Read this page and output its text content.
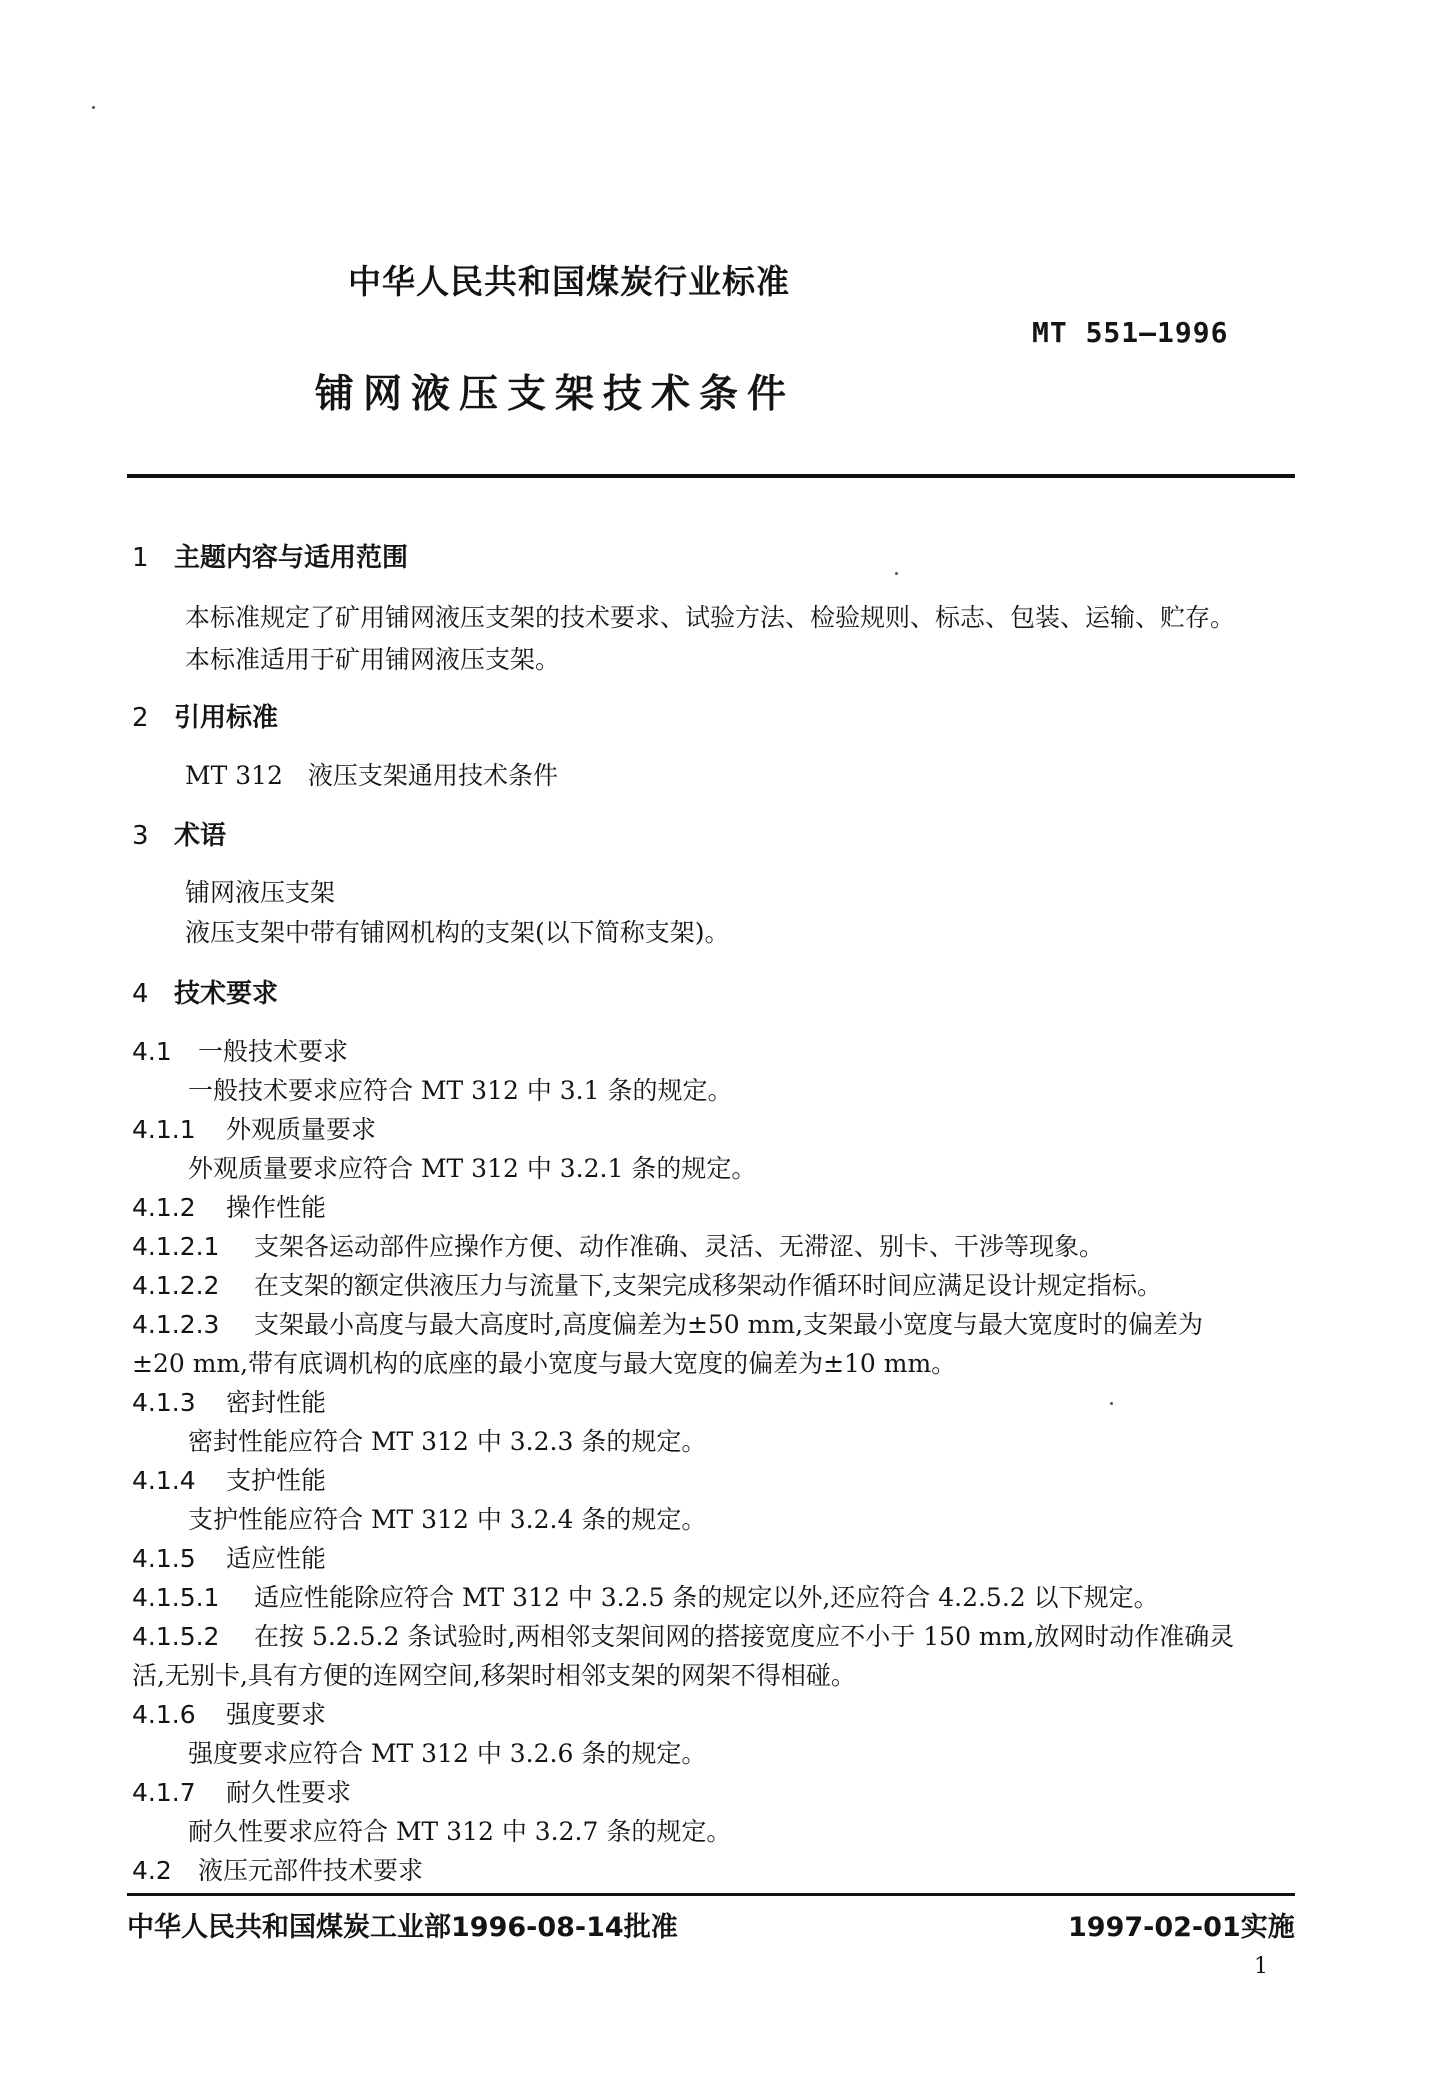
中华人民共和国煤炭行业标准
MT 551—1996
铺网液压支架技术条件
1 主题内容与适用范围
本标准规定了矿用铺网液压支架的技术要求、试验方法、检验规则、标志、包装、运输、贮存。
本标准适用于矿用铺网液压支架。
2 引用标准
MT 312　液压支架通用技术条件
3 术语
铺网液压支架
液压支架中带有铺网机构的支架(以下简称支架)。
4 技术要求
4.1 一般技术要求
一般技术要求应符合 MT 312 中 3.1 条的规定。
4.1.1 外观质量要求
外观质量要求应符合 MT 312 中 3.2.1 条的规定。
4.1.2 操作性能
4.1.2.1 支架各运动部件应操作方便、动作准确、灵活、无滞涩、别卡、干涉等现象。
4.1.2.2 在支架的额定供液压力与流量下,支架完成移架动作循环时间应满足设计规定指标。
4.1.2.3 支架最小高度与最大高度时,高度偏差为±50 mm,支架最小宽度与最大宽度时的偏差为
±20 mm,带有底调机构的底座的最小宽度与最大宽度的偏差为±10 mm。
4.1.3 密封性能
密封性能应符合 MT 312 中 3.2.3 条的规定。
4.1.4 支护性能
支护性能应符合 MT 312 中 3.2.4 条的规定。
4.1.5 适应性能
4.1.5.1 适应性能除应符合 MT 312 中 3.2.5 条的规定以外,还应符合 4.2.5.2 以下规定。
4.1.5.2 在按 5.2.5.2 条试验时,两相邻支架间网的搭接宽度应不小于 150 mm,放网时动作准确灵
活,无别卡,具有方便的连网空间,移架时相邻支架的网架不得相碰。
4.1.6 强度要求
强度要求应符合 MT 312 中 3.2.6 条的规定。
4.1.7 耐久性要求
耐久性要求应符合 MT 312 中 3.2.7 条的规定。
4.2 液压元部件技术要求
中华人民共和国煤炭工业部1996-08-14批准	1997-02-01实施
1
